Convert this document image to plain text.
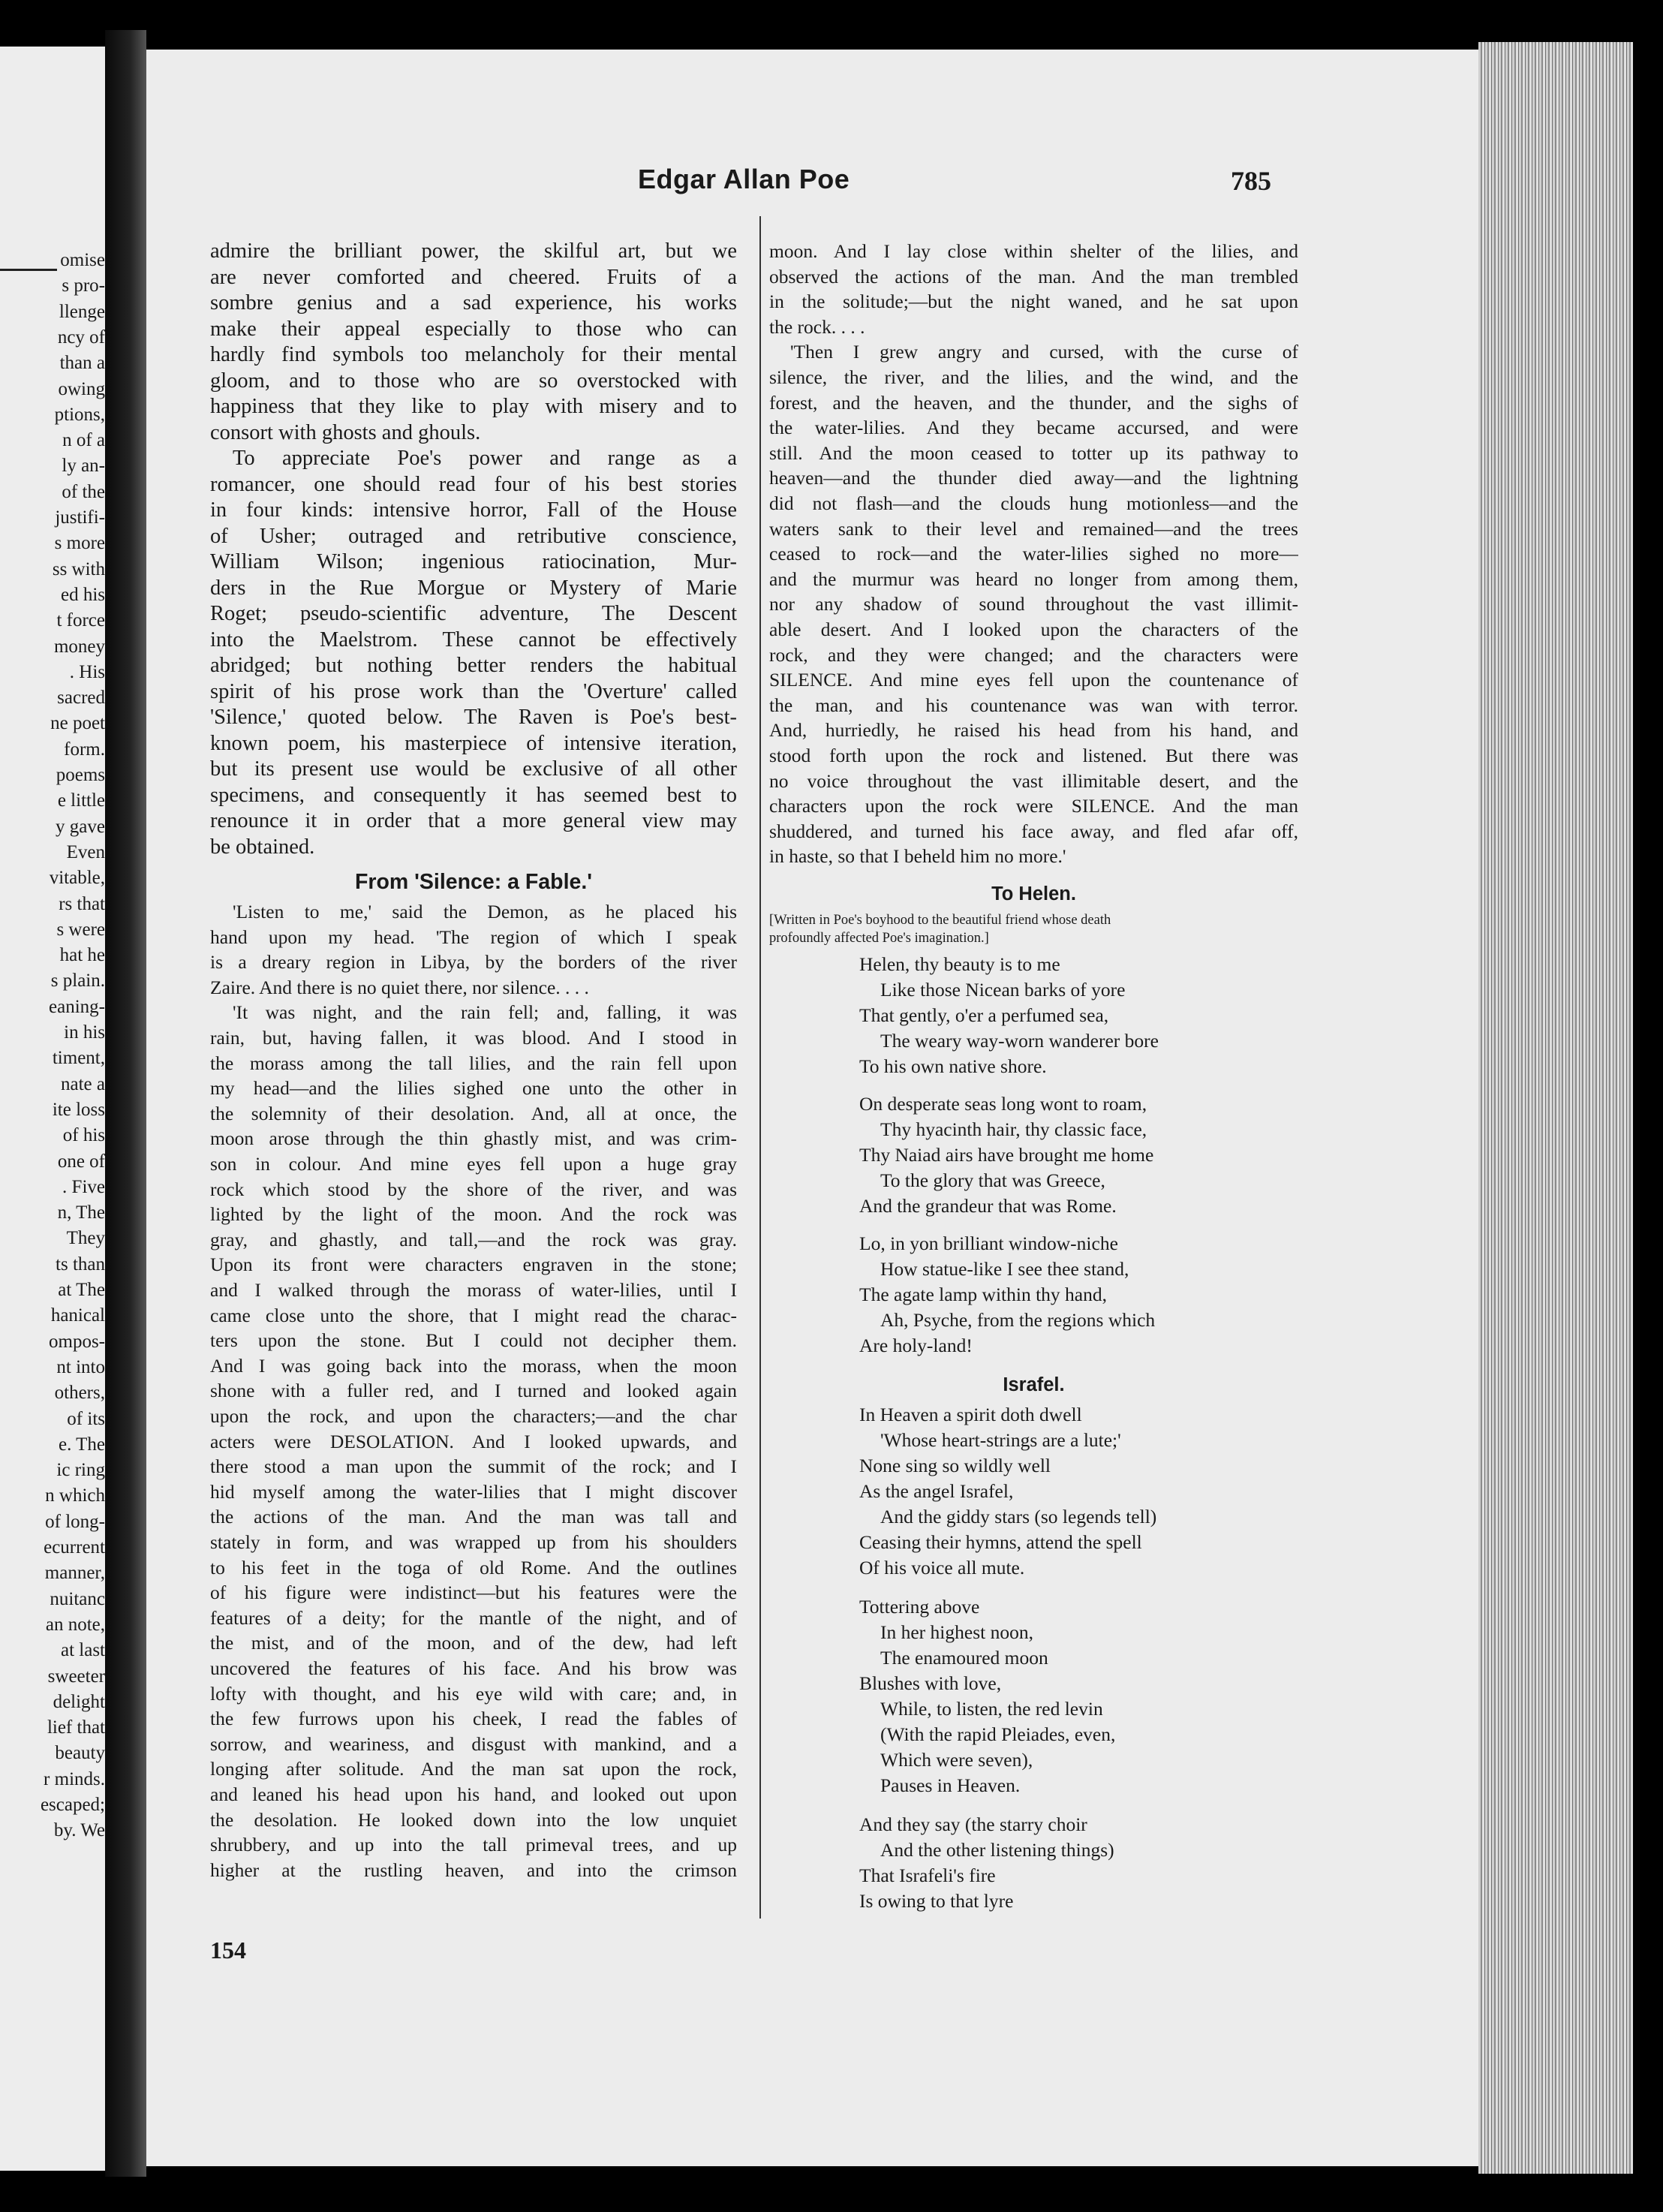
Edgar Allan Poe	785
omise
s pro-
llenge
ncy of
than a
owing
ptions,
n of a
ly an-
of the
justifi-
s more
ss with
ed his
t force
money
. His
sacred
ne poet
form.
poems
e little
y gave
Even
vitable,
rs that
s were
hat he
s plain.
eaning-
in his
timent,
nate a
ite loss
of his
one of
. Five
n, The
They
ts than
at The
hanical
ompos-
nt into
others,
of its
e. The
ic ring
n which
of long-
ecurrent
manner,
nuitanc
an note,
at last
sweeter
delight
lief that
beauty
r minds.
escaped;
by. We
admire the brilliant power, the skilful art, but we
are never comforted and cheered. Fruits of a
sombre genius and a sad experience, his works
make their appeal especially to those who can
hardly find symbols too melancholy for their mental
gloom, and to those who are so overstocked with
happiness that they like to play with misery and to
consort with ghosts and ghouls.
To appreciate Poe's power and range as a
romancer, one should read four of his best stories
in four kinds: intensive horror, Fall of the House
of Usher; outraged and retributive conscience,
William Wilson; ingenious ratiocination, Mur-
ders in the Rue Morgue or Mystery of Marie
Roget; pseudo-scientific adventure, The Descent
into the Maelstrom. These cannot be effectively
abridged; but nothing better renders the habitual
spirit of his prose work than the 'Overture' called
'Silence,' quoted below. The Raven is Poe's best-
known poem, his masterpiece of intensive iteration,
but its present use would be exclusive of all other
specimens, and consequently it has seemed best to
renounce it in order that a more general view may
be obtained.
From 'Silence: a Fable.'
'Listen to me,' said the Demon, as he placed his
hand upon my head. 'The region of which I speak
is a dreary region in Libya, by the borders of the river
Zaire. And there is no quiet there, nor silence. . . .
'It was night, and the rain fell; and, falling, it was
rain, but, having fallen, it was blood. And I stood in
the morass among the tall lilies, and the rain fell upon
my head—and the lilies sighed one unto the other in
the solemnity of their desolation. And, all at once, the
moon arose through the thin ghastly mist, and was crim-
son in colour. And mine eyes fell upon a huge gray
rock which stood by the shore of the river, and was
lighted by the light of the moon. And the rock was
gray, and ghastly, and tall,—and the rock was gray.
Upon its front were characters engraven in the stone;
and I walked through the morass of water-lilies, until I
came close unto the shore, that I might read the charac-
ters upon the stone. But I could not decipher them.
And I was going back into the morass, when the moon
shone with a fuller red, and I turned and looked again
upon the rock, and upon the characters;—and the char
acters were DESOLATION. And I looked upwards, and
there stood a man upon the summit of the rock; and I
hid myself among the water-lilies that I might discover
the actions of the man. And the man was tall and
stately in form, and was wrapped up from his shoulders
to his feet in the toga of old Rome. And the outlines
of his figure were indistinct—but his features were the
features of a deity; for the mantle of the night, and of
the mist, and of the moon, and of the dew, had left
uncovered the features of his face. And his brow was
lofty with thought, and his eye wild with care; and, in
the few furrows upon his cheek, I read the fables of
sorrow, and weariness, and disgust with mankind, and a
longing after solitude. And the man sat upon the rock,
and leaned his head upon his hand, and looked out upon
the desolation. He looked down into the low unquiet
shrubbery, and up into the tall primeval trees, and up
higher at the rustling heaven, and into the crimson
moon. And I lay close within shelter of the lilies, and
observed the actions of the man. And the man trembled
in the solitude;—but the night waned, and he sat upon
the rock. . . .
'Then I grew angry and cursed, with the curse of
silence, the river, and the lilies, and the wind, and the
forest, and the heaven, and the thunder, and the sighs of
the water-lilies. And they became accursed, and were
still. And the moon ceased to totter up its pathway to
heaven—and the thunder died away—and the lightning
did not flash—and the clouds hung motionless—and the
waters sank to their level and remained—and the trees
ceased to rock—and the water-lilies sighed no more—
and the murmur was heard no longer from among them,
nor any shadow of sound throughout the vast illimit-
able desert. And I looked upon the characters of the
rock, and they were changed; and the characters were
SILENCE. And mine eyes fell upon the countenance of
the man, and his countenance was wan with terror.
And, hurriedly, he raised his head from his hand, and
stood forth upon the rock and listened. But there was
no voice throughout the vast illimitable desert, and the
characters upon the rock were SILENCE. And the man
shuddered, and turned his face away, and fled afar off,
in haste, so that I beheld him no more.'
To Helen.
[Written in Poe's boyhood to the beautiful friend whose death
profoundly affected Poe's imagination.]
Helen, thy beauty is to me
Like those Nicean barks of yore
That gently, o'er a perfumed sea,
The weary way-worn wanderer bore
To his own native shore.
On desperate seas long wont to roam,
Thy hyacinth hair, thy classic face,
Thy Naiad airs have brought me home
To the glory that was Greece,
And the grandeur that was Rome.
Lo, in yon brilliant window-niche
How statue-like I see thee stand,
The agate lamp within thy hand,
Ah, Psyche, from the regions which
Are holy-land!
Israfel.
In Heaven a spirit doth dwell
'Whose heart-strings are a lute;'
None sing so wildly well
As the angel Israfel,
And the giddy stars (so legends tell)
Ceasing their hymns, attend the spell
Of his voice all mute.
Tottering above
In her highest noon,
The enamoured moon
Blushes with love,
While, to listen, the red levin
(With the rapid Pleiades, even,
Which were seven),
Pauses in Heaven.
And they say (the starry choir
And the other listening things)
That Israfeli's fire
Is owing to that lyre
154
